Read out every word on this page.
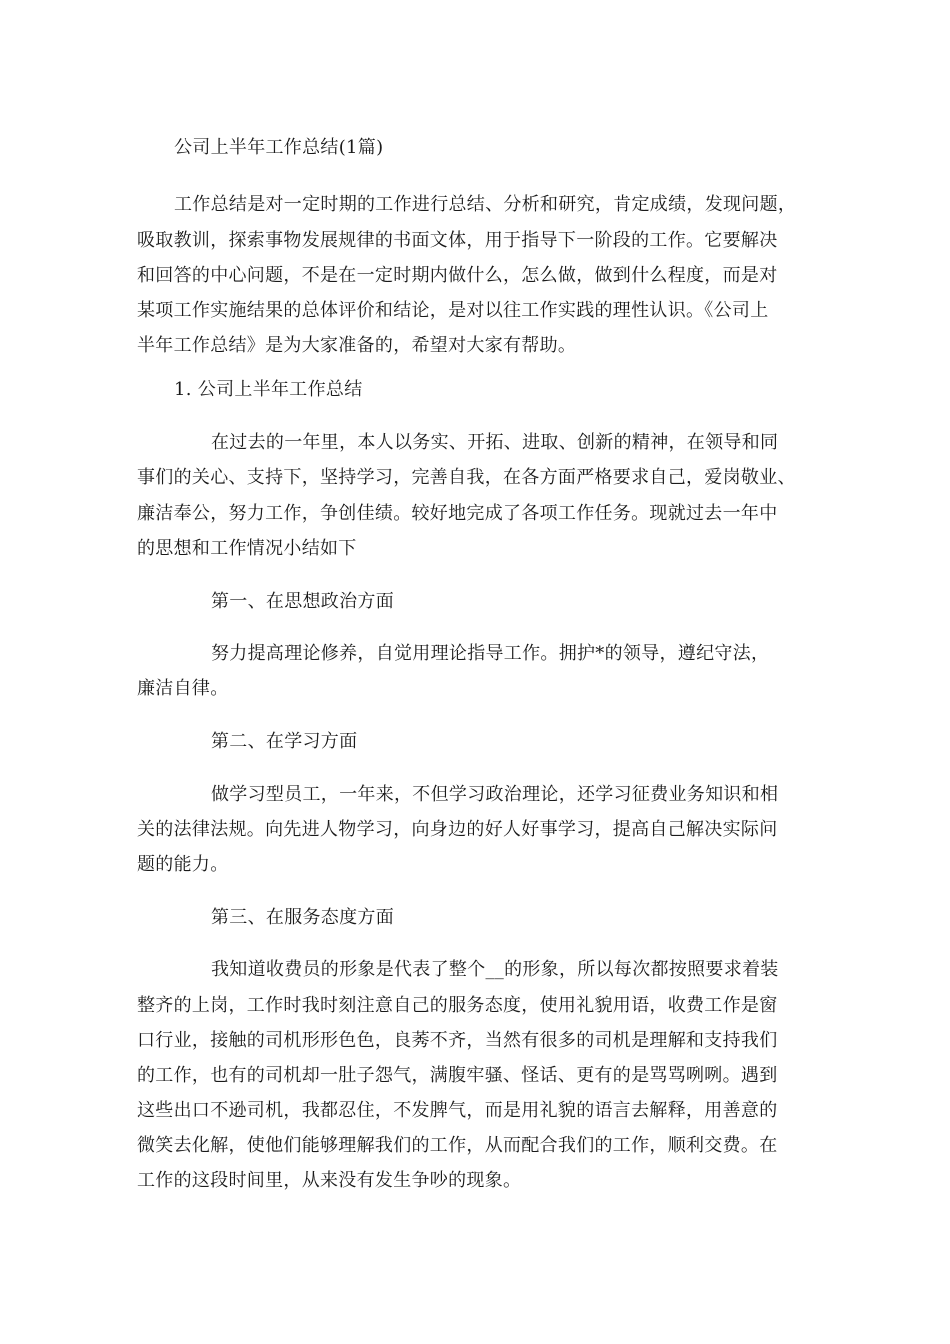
公司上半年工作总结(1篇)
工作总结是对一定时期的工作进行总结、分析和研究，肯定成绩，发现问题，
吸取教训，探索事物发展规律的书面文体，用于指导下一阶段的工作。它要解决
和回答的中心问题，不是在一定时期内做什么，怎么做，做到什么程度，而是对
某项工作实施结果的总体评价和结论，是对以往工作实践的理性认识。《公司上
半年工作总结》是为大家准备的，希望对大家有帮助。
1. 公司上半年工作总结
在过去的一年里，本人以务实、开拓、进取、创新的精神，在领导和同
事们的关心、支持下，坚持学习，完善自我，在各方面严格要求自己，爱岗敬业、
廉洁奉公，努力工作，争创佳绩。较好地完成了各项工作任务。现就过去一年中
的思想和工作情况小结如下
第一、在思想政治方面
努力提高理论修养，自觉用理论指导工作。拥护*的领导，遵纪守法，
廉洁自律。
第二、在学习方面
做学习型员工，一年来，不但学习政治理论，还学习征费业务知识和相
关的法律法规。向先进人物学习，向身边的好人好事学习，提高自己解决实际问
题的能力。
第三、在服务态度方面
我知道收费员的形象是代表了整个__的形象，所以每次都按照要求着装
整齐的上岗，工作时我时刻注意自己的服务态度，使用礼貌用语，收费工作是窗
口行业，接触的司机形形色色，良莠不齐，当然有很多的司机是理解和支持我们
的工作，也有的司机却一肚子怨气，满腹牢骚、怪话、更有的是骂骂咧咧。遇到
这些出口不逊司机，我都忍住，不发脾气，而是用礼貌的语言去解释，用善意的
微笑去化解，使他们能够理解我们的工作，从而配合我们的工作，顺利交费。在
工作的这段时间里，从来没有发生争吵的现象。
